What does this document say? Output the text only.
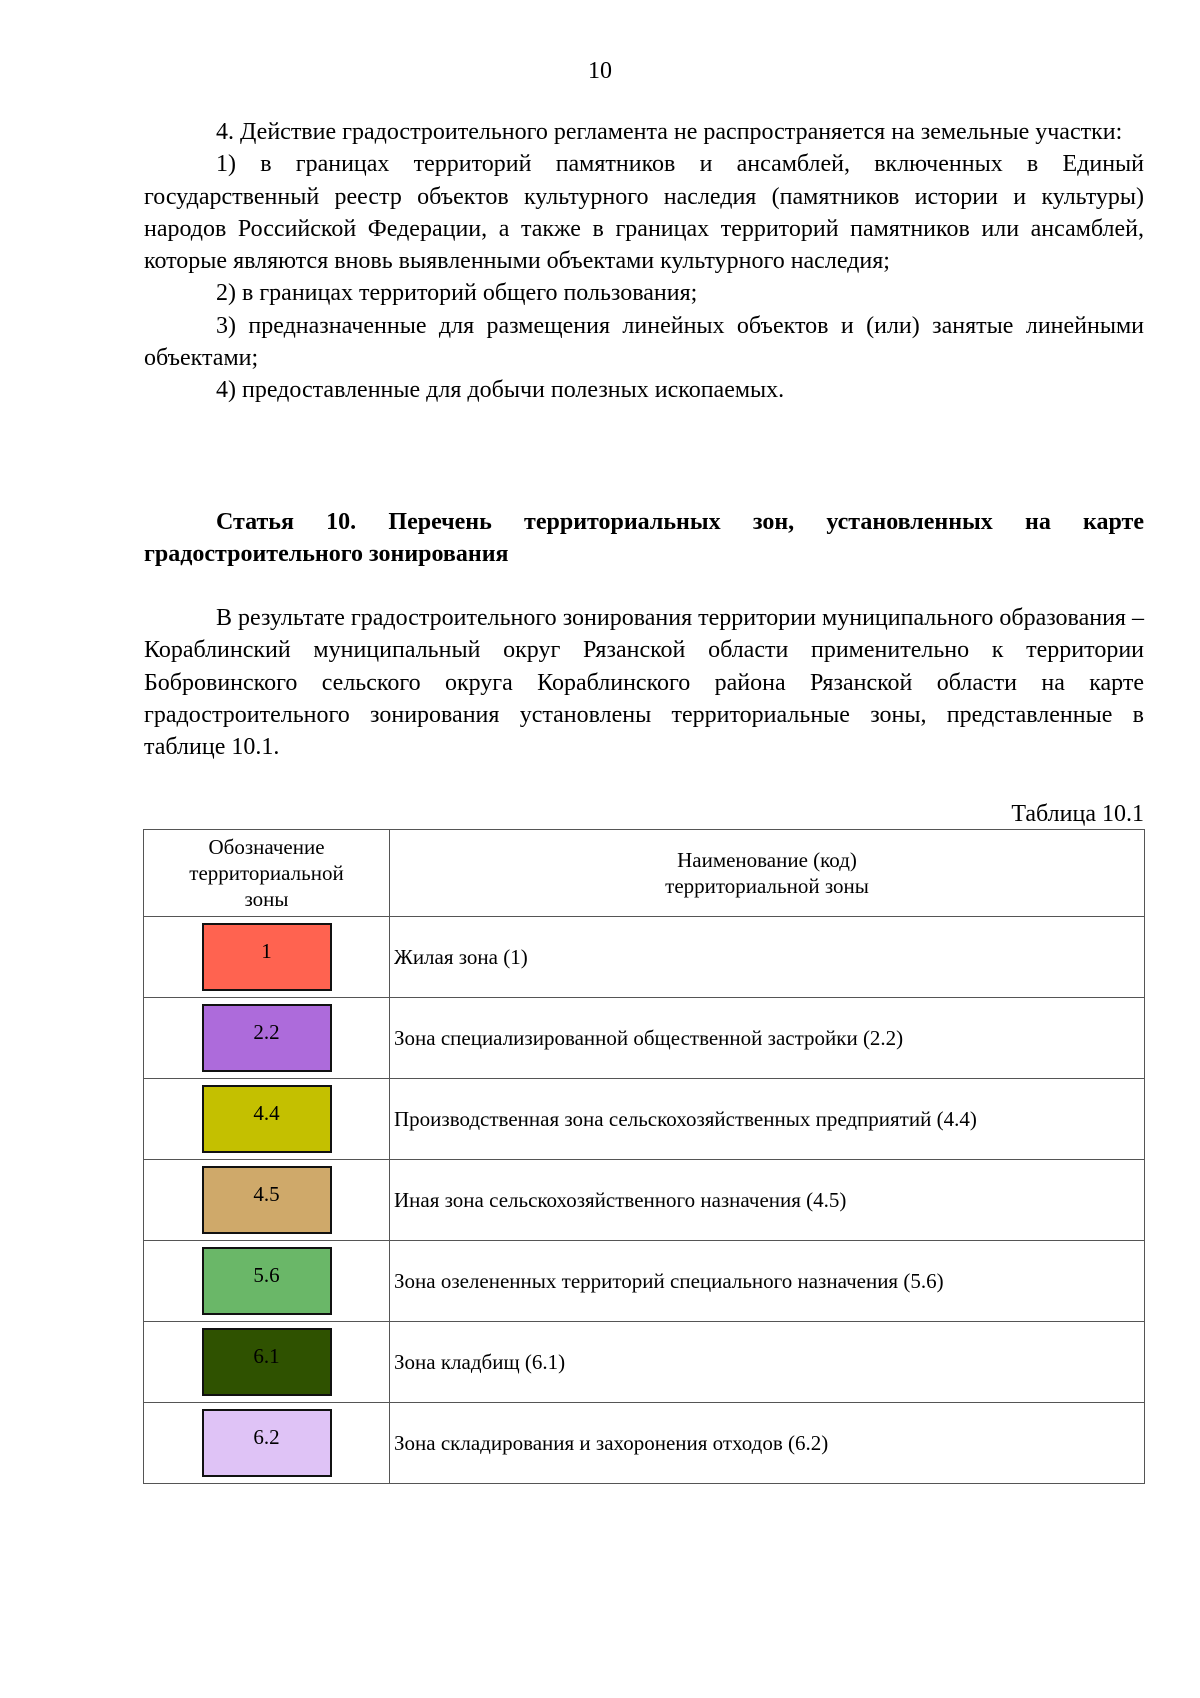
10

4. Действие градостроительного регламента не распространяется на земельные участки:

1) в границах территорий памятников и ансамблей, включенных в Единый государственный реестр объектов культурного наследия (памятников истории и культуры) народов Российской Федерации, а также в границах территорий памятников или ансамблей, которые являются вновь выявленными объектами культурного наследия;

2) в границах территорий общего пользования;

3) предназначенные для размещения линейных объектов и (или) занятые линейными объектами;

4) предоставленные для добычи полезных ископаемых.

Статья 10. Перечень территориальных зон, установленных на карте градостроительного зонирования

В результате градостроительного зонирования территории муниципального образования – Кораблинский муниципальный округ Рязанской области применительно к территории Бобровинского сельского округа Кораблинского района Рязанской области на карте градостроительного зонирования установлены территориальные зоны, представленные в таблице 10.1.

Таблица 10.1
Обозначение территориальной зоны	Наименование (код) территориальной зоны

1	Жилая зона (1)
2.2	Зона специализированной общественной застройки (2.2)
4.4	Производственная зона сельскохозяйственных предприятий (4.4)
4.5	Иная зона сельскохозяйственного назначения (4.5)
5.6	Зона озелененных территорий специального назначения (5.6)
6.1	Зона кладбищ (6.1)
6.2	Зона складирования и захоронения отходов (6.2)
